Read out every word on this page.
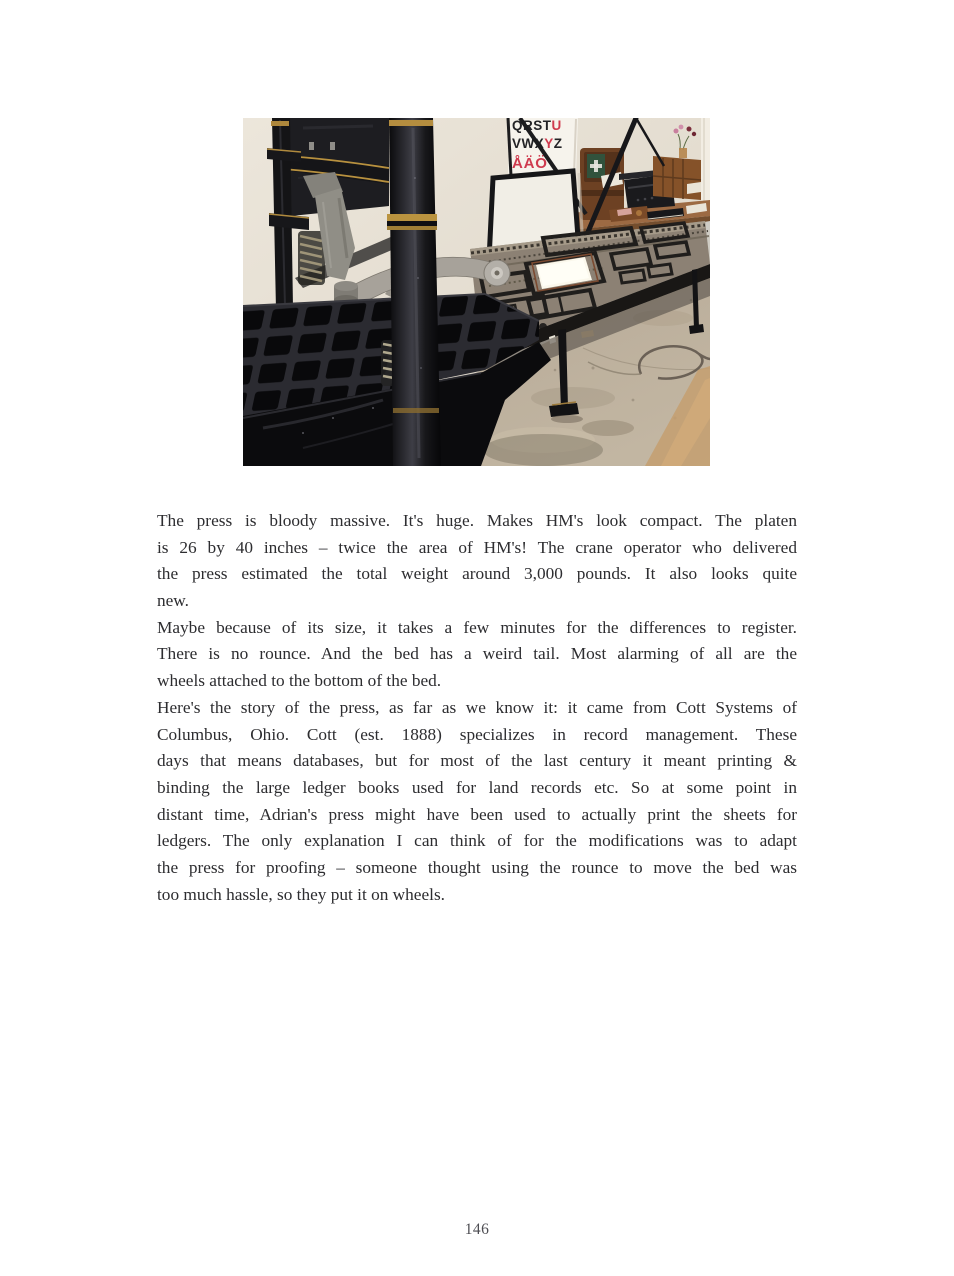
QRSTU
VWXYZ
ÅÄÖ
The press is bloody massive. It's huge. Makes HM's look compact. The platen
is 26 by 40 inches – twice the area of HM's! The crane operator who delivered
the press estimated the total weight around 3,000 pounds. It also looks quite
new.
Maybe because of its size, it takes a few minutes for the differences to register.
There is no rounce. And the bed has a weird tail. Most alarming of all are the
wheels attached to the bottom of the bed.
Here's the story of the press, as far as we know it: it came from Cott Systems of
Columbus, Ohio. Cott (est. 1888) specializes in record management. These
days that means databases, but for most of the last century it meant printing &
binding the large ledger books used for land records etc. So at some point in
distant time, Adrian's press might have been used to actually print the sheets for
ledgers. The only explanation I can think of for the modifications was to adapt
the press for proofing – someone thought using the rounce to move the bed was
too much hassle, so they put it on wheels.
146
